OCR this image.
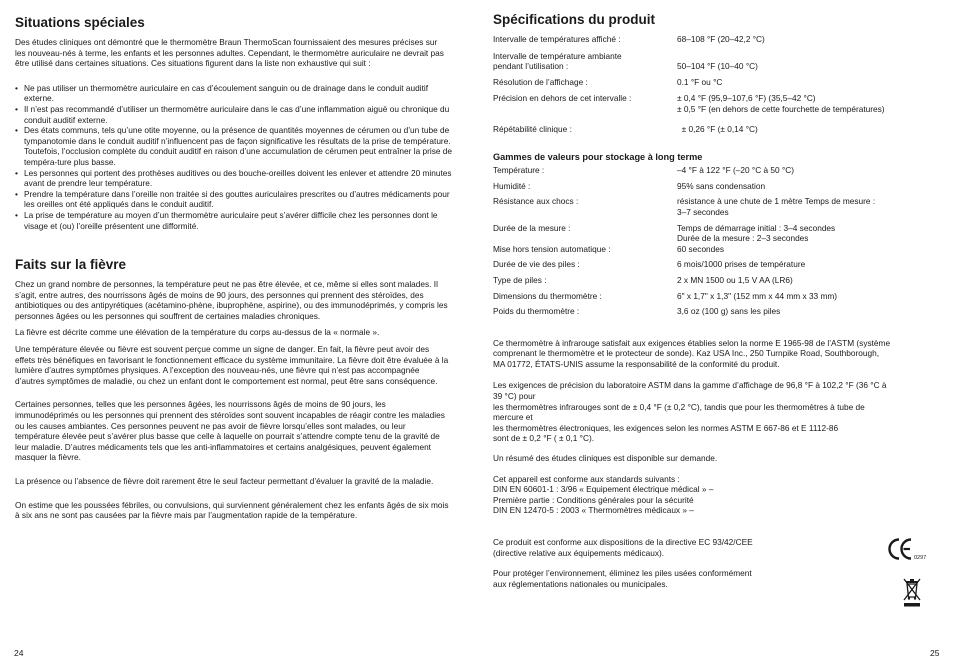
Situations spéciales

Des études cliniques ont démontré que le thermomètre Braun ThermoScan fournissaient des mesures précises sur les nouveau-nés à terme, les enfants et les personnes adultes. Cependant, le thermomètre auriculaire ne devrait pas être utilisé dans certaines situations. Ces situations figurent dans la liste non exhaustive qui suit :

• Ne pas utiliser un thermomètre auriculaire en cas d’écoulement sanguin ou de drainage dans le conduit auditif externe.
• Il n’est pas recommandé d’utiliser un thermomètre auriculaire dans le cas d’une inflammation aiguë ou chronique du conduit auditif externe.
• Des états communs, tels qu’une otite moyenne, ou la présence de quantités moyennes de cérumen ou d’un tube de tympanotomie dans le conduit auditif n’influencent pas de façon significative les résultats de la prise de température. Toutefois, l’occlusion complète du conduit auditif en raison d’une accumulation de cérumen peut entraîner la prise de tempéra-ture plus basse.
• Les personnes qui portent des prothèses auditives ou des bouche-oreilles doivent les enlever et attendre 20 minutes avant de prendre leur température.
• Prendre la température dans l’oreille non traitée si des gouttes auriculaires prescrites ou d’autres médicaments pour les oreilles ont été appliqués dans le conduit auditif.
• La prise de température au moyen d’un thermomètre auriculaire peut s’avérer difficile chez les personnes dont le visage et (ou) l’oreille présentent une difformité.
Faits sur la fièvre

Chez un grand nombre de personnes, la température peut ne pas être élevée, et ce, même si elles sont malades. Il s’agit, entre autres, des nourrissons âgés de moins de 90 jours, des personnes qui prennent des stéroïdes, des antibiotiques ou des antipyrétiques (acétamino-phène, ibuprophène, aspirine), ou des immunodéprimés, y compris les personnes âgées ou les personnes qui souffrent de certaines maladies chroniques.

La fièvre est décrite comme une élévation de la température du corps au-dessus de la « normale ».

Une température élevée ou fièvre est souvent perçue comme un signe de danger. En fait, la fièvre peut avoir des effets très bénéfiques en favorisant le fonctionnement efficace du système immunitaire. La fièvre doit être évaluée à la lumière d’autres symptômes physiques. A l’exception des nouveau-nés, une fièvre qui n’est pas accompagnée d’autres symptômes de maladie, ou chez un enfant dont le comportement est normal, peut être sans conséquence.

Certaines personnes, telles que les personnes âgées, les nourrissons âgés de moins de 90 jours, les immunodéprimés ou les personnes qui prennent des stéroïdes sont souvent incapables de réagir contre les maladies ou les causes ambiantes. Ces personnes peuvent ne pas avoir de fièvre lorsqu’elles sont malades, ou leur température élevée peut s’avérer plus basse que celle à laquelle on pourrait s’attendre compte tenu de la gravité de leur maladie. D’autres médicaments tels que les anti-inflammatoires et certains analgésiques, peuvent également masquer la fièvre.

La présence ou l’absence de fièvre doit rarement être le seul facteur permettant d’évaluer la gravité de la maladie.

On estime que les poussées fébriles, ou convulsions, qui surviennent généralement chez les enfants âgés de six mois à six ans ne sont pas causées par la fièvre mais par l’augmentation rapide de la température.

24
Spécifications du produit
Intervalle de températures affiché :	68–108 °F (20–42,2 °C)
Intervalle de température ambiante
pendant l’utilisation :	50–104 °F (10–40 °C)
Résolution de l’affichage :	0.1 °F ou °C
Précision en dehors de cet intervalle :	± 0,4 °F (95,9–107,6 °F) (35,5–42 °C)
± 0,5 °F (en dehors de cette fourchette de températures)
Répétabilité clinique :	± 0,26 °F (± 0,14 °C)
Gammes de valeurs pour stockage à long terme
Température :	–4 °F à 122 °F (–20 °C à 50 °C)
Humidité :	95% sans condensation
Résistance aux chocs :	résistance à une chute de 1 mètre Temps de mesure :
3–7 secondes
Durée de la mesure :	Temps de démarrage initial : 3–4 secondes
Durée de la mesure : 2–3 secondes
Mise hors tension automatique :	60 secondes
Durée de vie des piles :	6 mois/1000 prises de température
Type de piles :	2 x MN 1500 ou 1,5 V AA (LR6)
Dimensions du thermomètre :	6" x 1,7" x 1,3" (152 mm x 44 mm x 33 mm)
Poids du thermomètre :	3,6 oz (100 g) sans les piles

Ce thermomètre à infrarouge satisfait aux exigences établies selon la norme E 1965-98 de l’ASTM (système comprenant le thermomètre et le protecteur de sonde). Kaz USA Inc., 250 Turnpike Road, Southborough, MA 01772, ÉTATS-UNIS assume la responsabilité de la conformité du produit.

Les exigences de précision du laboratoire ASTM dans la gamme d’affichage de 96,8 °F à 102,2 °F (36 °C à 39 °C) pour
les thermomètres infrarouges sont de ± 0,4 °F (± 0,2 °C), tandis que pour les thermomètres à tube de mercure et
les thermomètres électroniques, les exigences selon les normes ASTM E 667-86 et E 1112-86
sont de ± 0,2 °F ( ± 0,1 °C).

Un résumé des études cliniques est disponible sur demande.

Cet appareil est conforme aux standards suivants :
DIN EN 60601-1 : 3/96 « Equipement électrique médical » –
Première partie : Conditions générales pour la sécurité
DIN EN 12470-5 : 2003 « Thermomètres médicaux » –

Ce produit est conforme aux dispositions de la directive EC 93/42/CEE
(directive relative aux équipements médicaux).

Pour protéger l’environnement, éliminez les piles usées conformément
aux réglementations nationales ou municipales.

0297
25
